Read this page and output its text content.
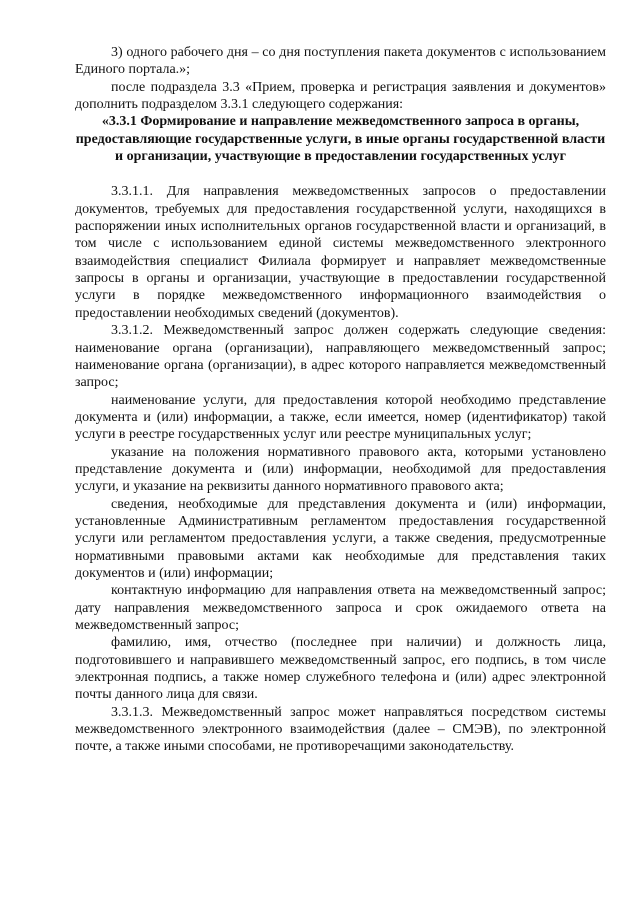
3) одного рабочего дня – со дня поступления пакета документов с использованием Единого портала.»;

после подраздела 3.3 «Прием, проверка и регистрация заявления и документов» дополнить подразделом 3.3.1 следующего содержания:

«3.3.1 Формирование и направление межведомственного запроса в органы, предоставляющие государственные услуги, в иные органы государственной власти и организации, участвующие в предоставлении государственных услуг

3.3.1.1. Для направления межведомственных запросов о предоставлении документов, требуемых для предоставления государственной услуги, находящихся в распоряжении иных исполнительных органов государственной власти и организаций, в том числе с использованием единой системы межведомственного электронного взаимодействия специалист Филиала формирует и направляет межведомственные запросы в органы и организации, участвующие в предоставлении государственной услуги в порядке межведомственного информационного взаимодействия о предоставлении необходимых сведений (документов).

3.3.1.2. Межведомственный запрос должен содержать следующие сведения: наименование органа (организации), направляющего межведомственный запрос; наименование органа (организации), в адрес которого направляется межведомственный запрос;

наименование услуги, для предоставления которой необходимо представление документа и (или) информации, а также, если имеется, номер (идентификатор) такой услуги в реестре государственных услуг или реестре муниципальных услуг;

указание на положения нормативного правового акта, которыми установлено представление документа и (или) информации, необходимой для предоставления услуги, и указание на реквизиты данного нормативного правового акта;

сведения, необходимые для представления документа и (или) информации, установленные Административным регламентом предоставления государственной услуги или регламентом предоставления услуги, а также сведения, предусмотренные нормативными правовыми актами как необходимые для представления таких документов и (или) информации;

контактную информацию для направления ответа на межведомственный запрос; дату направления межведомственного запроса и срок ожидаемого ответа на межведомственный запрос;

фамилию, имя, отчество (последнее при наличии) и должность лица, подготовившего и направившего межведомственный запрос, его подпись, в том числе электронная подпись, а также номер служебного телефона и (или) адрес электронной почты данного лица для связи.

3.3.1.3. Межведомственный запрос может направляться посредством системы межведомственного электронного взаимодействия (далее – СМЭВ), по электронной почте, а также иными способами, не противоречащими законодательству.
